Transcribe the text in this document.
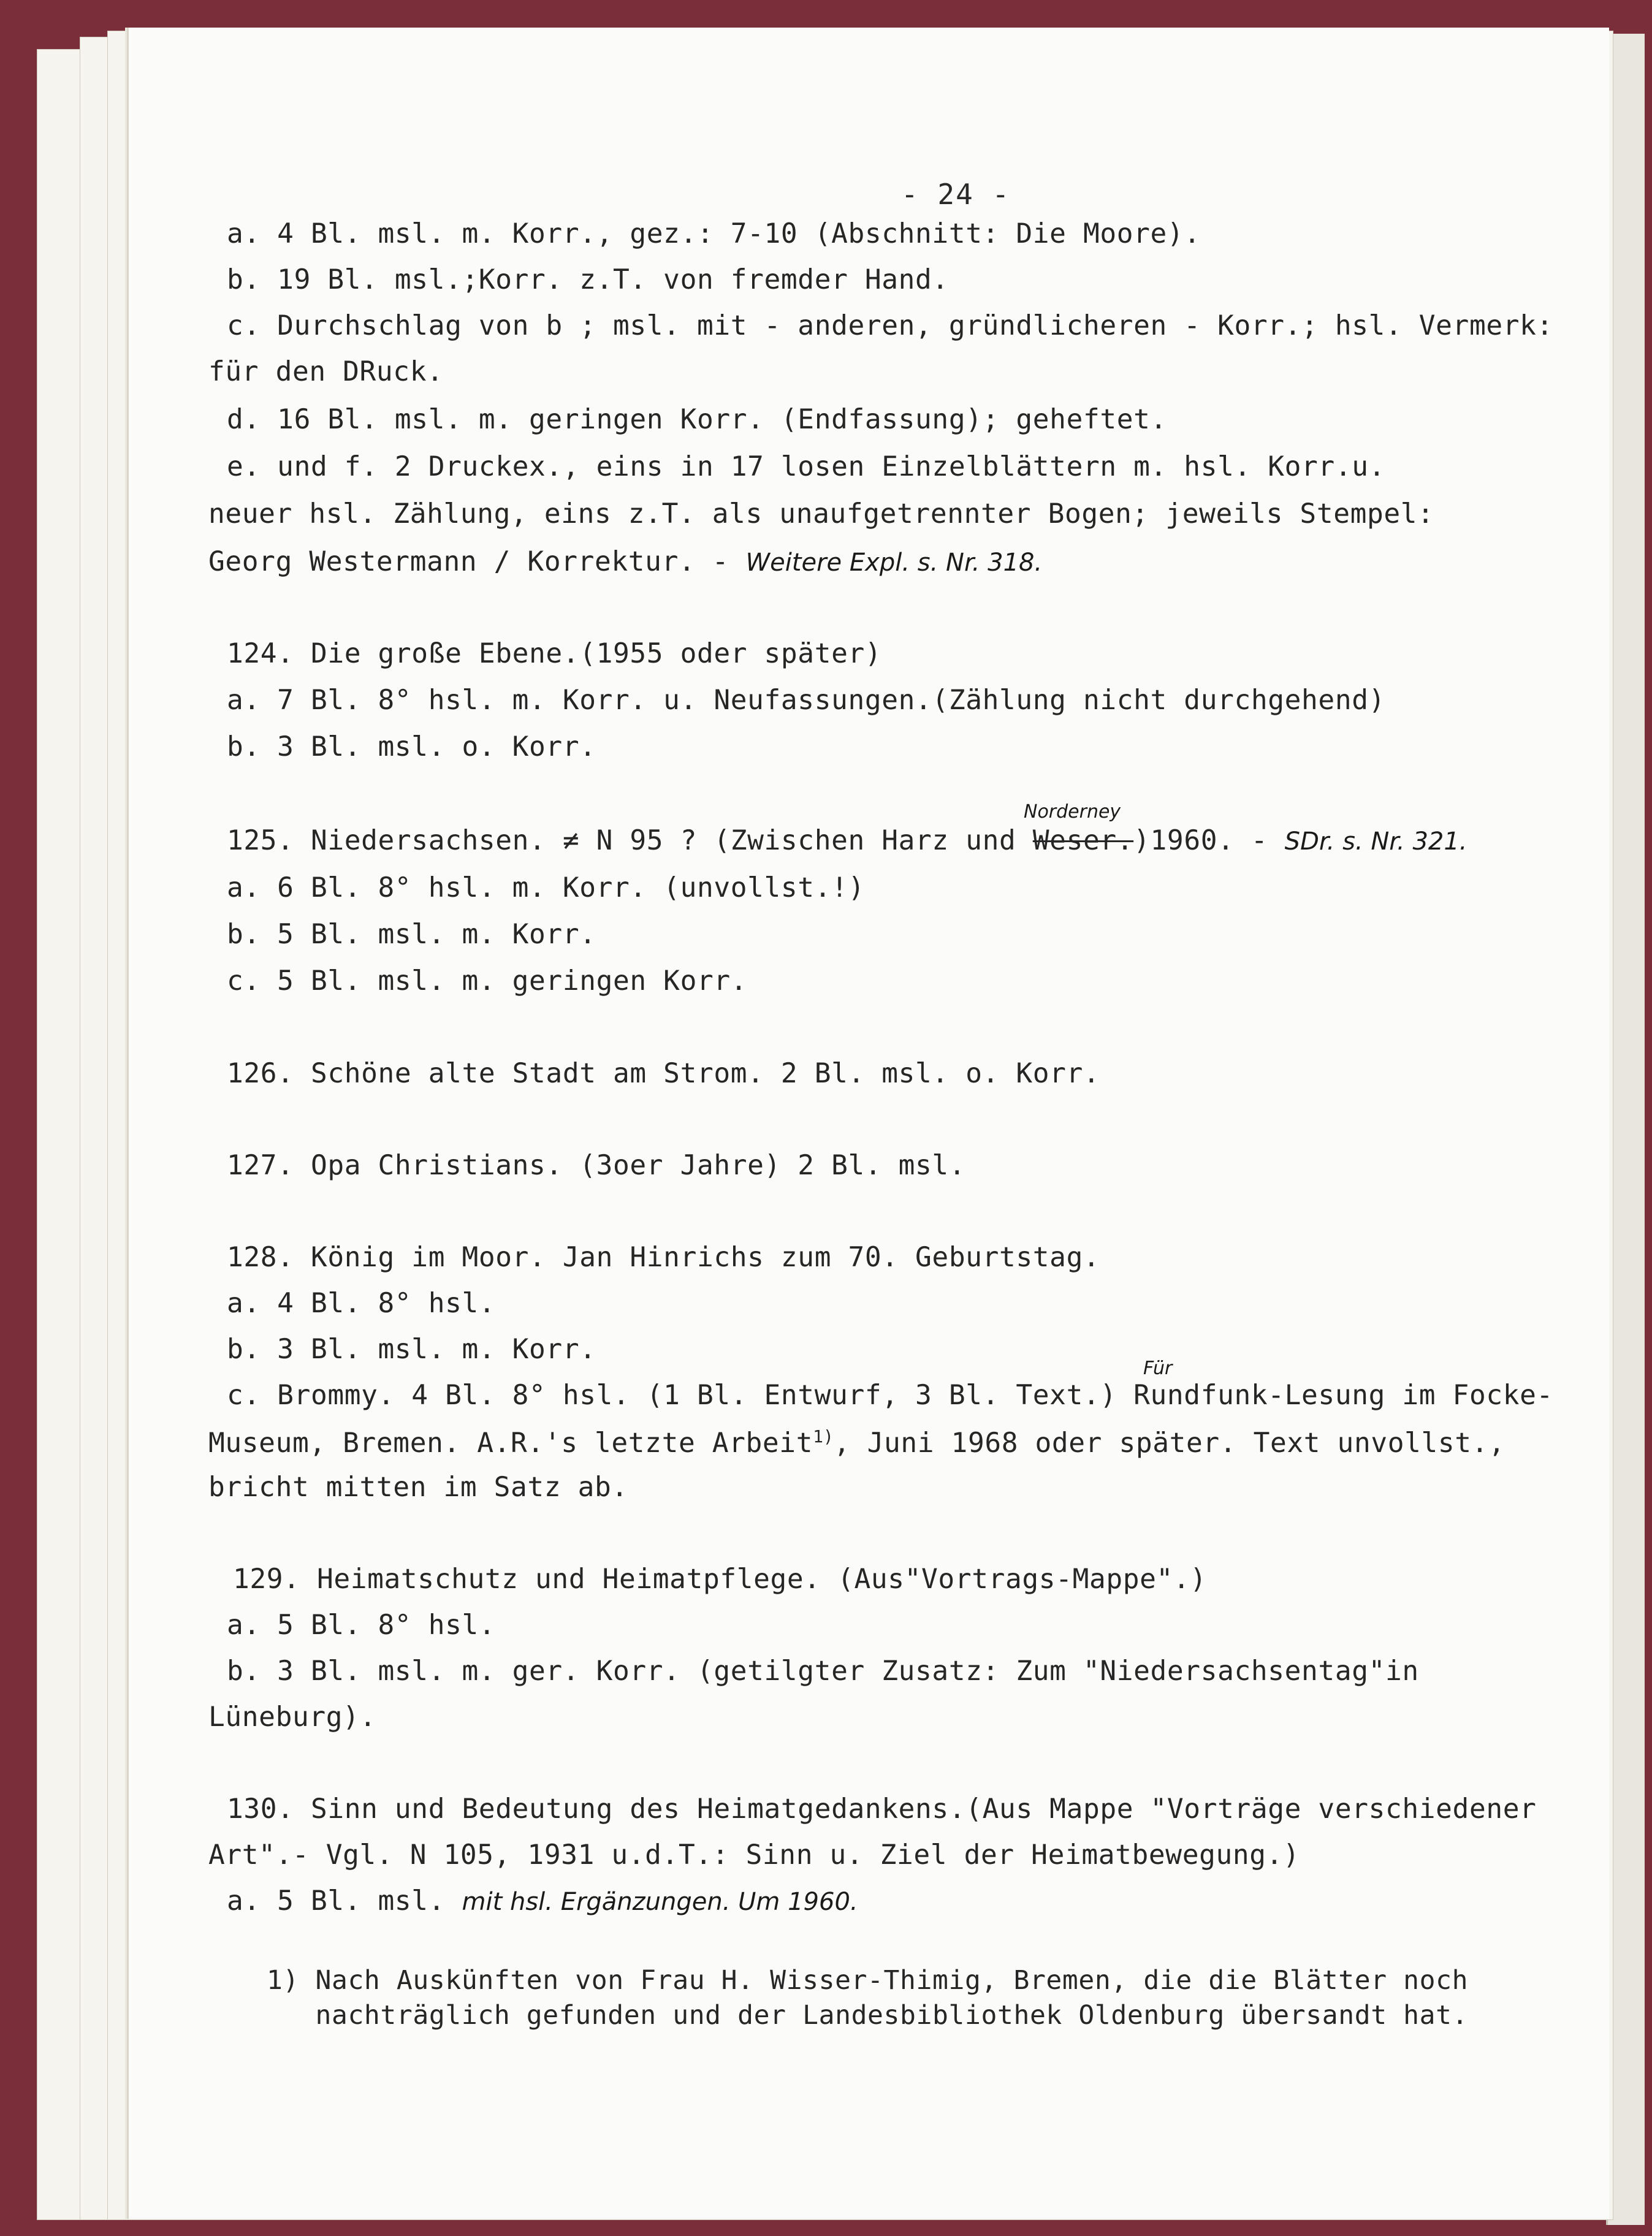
- 24 -

a. 4 Bl. msl. m. Korr., gez.: 7-10 (Abschnitt: Die Moore).

b. 19 Bl. msl.;Korr. z.T. von fremder Hand.

c. Durchschlag von b ; msl. mit - anderen, gründlicheren - Korr.; hsl. Vermerk:

für den DRuck.

d. 16 Bl. msl. m. geringen Korr. (Endfassung); geheftet.

e. und f. 2 Druckex., eins in 17 losen Einzelblättern m. hsl. Korr.u.

neuer hsl. Zählung, eins z.T. als unaufgetrennter Bogen; jeweils Stempel:

Georg Westermann / Korrektur. - Weitere Expl. s. Nr. 318.

124. Die große Ebene.(1955 oder später)

a. 7 Bl. 8° hsl. m. Korr. u. Neufassungen.(Zählung nicht durchgehend)

b. 3 Bl. msl. o. Korr.

Norderney

125. Niedersachsen. ≠ N 95 ? (Zwischen Harz und Weser.)1960. - SDr. s. Nr. 321.

a. 6 Bl. 8° hsl. m. Korr. (unvollst.!)

b. 5 Bl. msl. m. Korr.

c. 5 Bl. msl. m. geringen Korr.

126. Schöne alte Stadt am Strom. 2 Bl. msl. o. Korr.

127. Opa Christians. (3oer Jahre) 2 Bl. msl.

128. König im Moor. Jan Hinrichs zum 70. Geburtstag.

a. 4 Bl. 8° hsl.

b. 3 Bl. msl. m. Korr.

Für

c. Brommy. 4 Bl. 8° hsl. (1 Bl. Entwurf, 3 Bl. Text.) Rundfunk-Lesung im Focke-

Museum, Bremen. A.R.'s letzte Arbeit$^{1)}$, Juni 1968 oder später. Text unvollst.,

bricht mitten im Satz ab.

129. Heimatschutz und Heimatpflege. (Aus"Vortrags-Mappe".)

a. 5 Bl. 8° hsl.

b. 3 Bl. msl. m. ger. Korr. (getilgter Zusatz: Zum "Niedersachsentag"in

Lüneburg).

130. Sinn und Bedeutung des Heimatgedankens.(Aus Mappe "Vorträge verschiedener

Art".- Vgl. N 105, 1931 u.d.T.: Sinn u. Ziel der Heimatbewegung.)

a. 5 Bl. msl. mit hsl. Ergänzungen. Um 1960.

1) Nach Auskünften von Frau H. Wisser-Thimig, Bremen, die die Blätter noch

nachträglich gefunden und der Landesbibliothek Oldenburg übersandt hat.
